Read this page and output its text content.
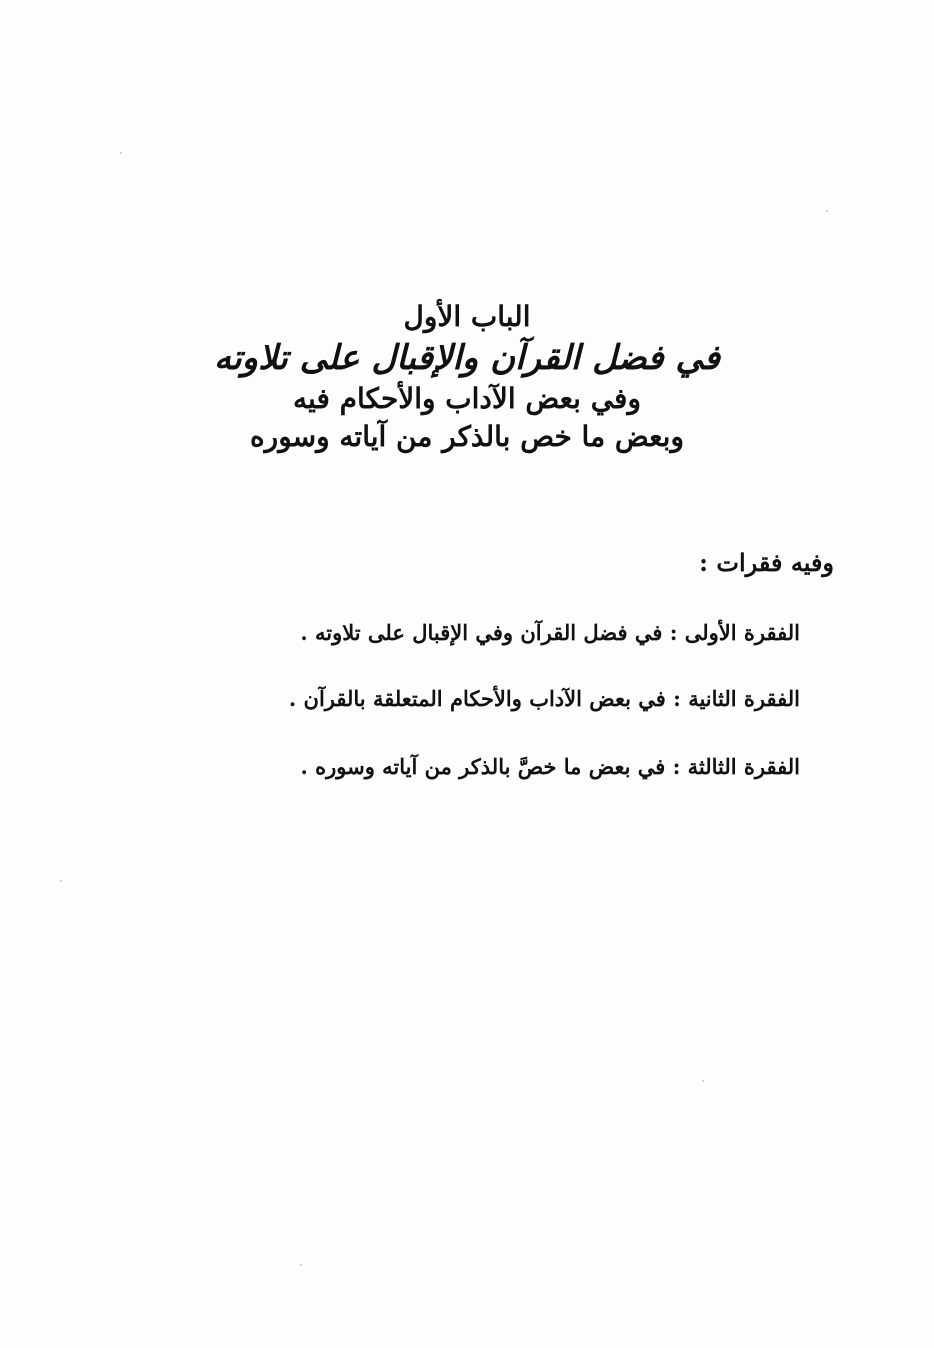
الباب الأول
في فضل القرآن والإقبال على تلاوته
وفي بعض الآداب والأحكام فيه
وبعض ما خص بالذكر من آياته وسوره
وفيه فقرات :
الفقرة الأولى : في فضل القرآن وفي الإقبال على تلاوته .
الفقرة الثانية : في بعض الآداب والأحكام المتعلقة بالقرآن .
الفقرة الثالثة : في بعض ما خصَّ بالذكر من آياته وسوره .
